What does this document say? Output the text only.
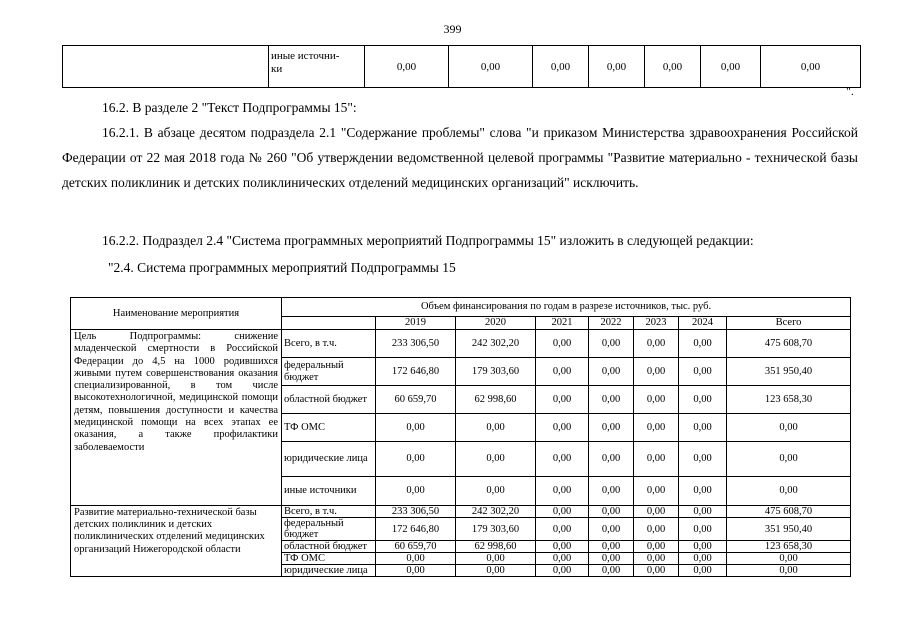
399
	иные источни-
ки	0,00	0,00	0,00	0,00	0,00	0,00	0,00
".

16.2. В разделе 2 "Текст Подпрограммы 15":

16.2.1. В абзаце десятом подраздела 2.1 "Содержание проблемы" слова "и приказом Министерства здравоохранения Российской Федерации от 22 мая 2018 года № 260 "Об утверждении ведомственной целевой программы "Развитие материально - технической базы детских поликлиник и детских поликлинических отделений медицинских организаций" исключить.

16.2.2. Подраздел 2.4 "Система программных мероприятий Подпрограммы 15" изложить в следующей редакции:

"2.4. Система программных мероприятий Подпрограммы 15

Наименование мероприятия	Объем финансирования по годам в разрезе источников, тыс. руб.							
		2019	2020	2021	2022	2023	2024	Всего
Цель Подпрограммы: снижение младенческой смертности в Российской Федерации до 4,5 на 1000 родившихся живыми путем совершенствования оказания специализированной, в том числе высокотехнологичной, медицинской помощи детям, повышения доступности и качества медицинской помощи на всех этапах ее оказания, а также профилактики заболеваемости	Всего, в т.ч.	233 306,50	242 302,20	0,00	0,00	0,00	0,00	475 608,70
	федеральный бюджет	172 646,80	179 303,60	0,00	0,00	0,00	0,00	351 950,40
	областной бюджет	60 659,70	62 998,60	0,00	0,00	0,00	0,00	123 658,30
	ТФ ОМС	0,00	0,00	0,00	0,00	0,00	0,00	0,00
	юридические лица	0,00	0,00	0,00	0,00	0,00	0,00	0,00
	иные источники	0,00	0,00	0,00	0,00	0,00	0,00	0,00
Развитие материально-технической базы детских поликлиник и детских поликлинических отделений медицинских организаций Нижегородской области	Всего, в т.ч.	233 306,50	242 302,20	0,00	0,00	0,00	0,00	475 608,70
	федеральный бюджет	172 646,80	179 303,60	0,00	0,00	0,00	0,00	351 950,40
	областной бюджет	60 659,70	62 998,60	0,00	0,00	0,00	0,00	123 658,30
	ТФ ОМС	0,00	0,00	0,00	0,00	0,00	0,00	0,00
	юридические лица	0,00	0,00	0,00	0,00	0,00	0,00	0,00
